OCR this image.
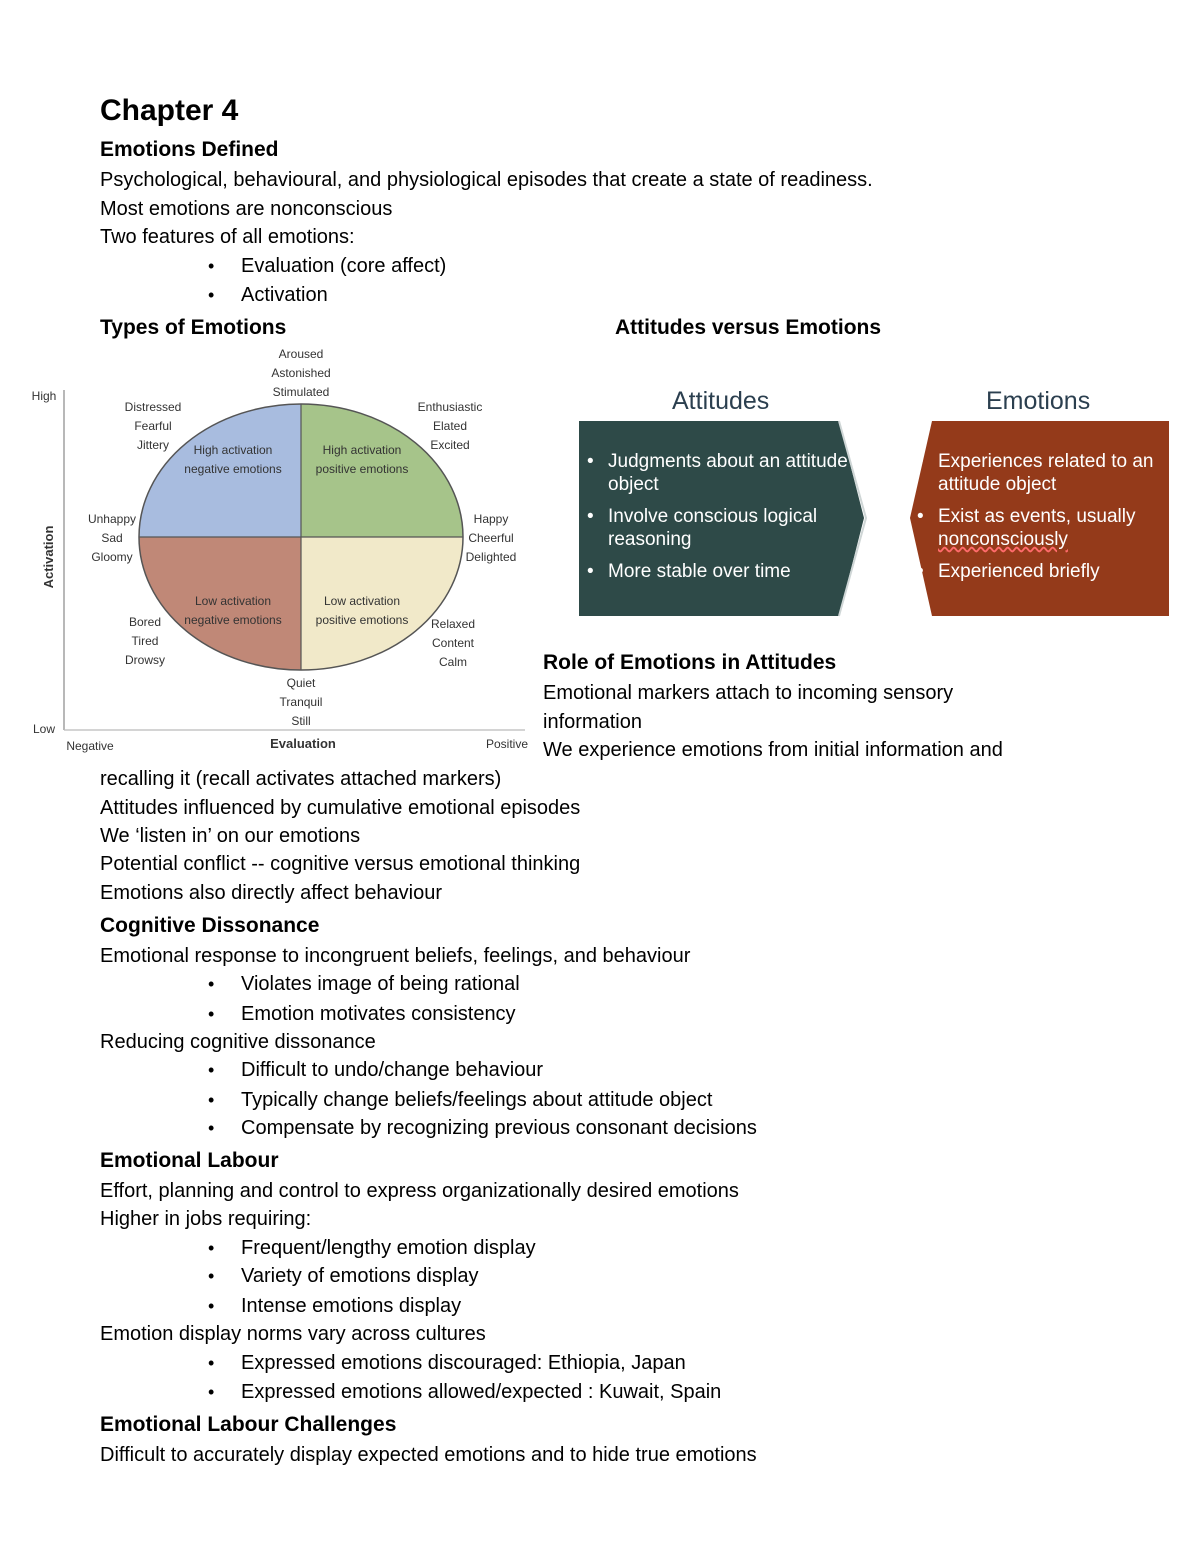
Chapter 4
Emotions Defined
Psychological, behavioural, and physiological episodes that create a state of readiness.
Most emotions are nonconscious
Two features of all emotions:
• Evaluation (core affect)
• Activation
Types of Emotions	Attitudes versus Emotions
High activation
negative emotions
High activation
positive emotions
Low activation
negative emotions
Low activation
positive emotions
Aroused
Astonished
Stimulated
Quiet
Tranquil
Still
Distressed
Fearful
Jittery
Enthusiastic
Elated
Excited
Unhappy
Sad
Gloomy
Happy
Cheerful
Delighted
Bored
Tired
Drowsy
Relaxed
Content
Calm
High
Low
Negative	Positive
Evaluation
Activation
Attitudes	Emotions
• Judgments about an attitude object
• Involve conscious logical reasoning
• More stable over time
• Experiences related to an attitude object
• Exist as events, usually
nonconsciously
• Experienced briefly
Role of Emotions in Attitudes
Emotional markers attach to incoming sensory
information
We experience emotions from initial information and
recalling it (recall activates attached markers)
Attitudes influenced by cumulative emotional episodes
We ‘listen in’ on our emotions
Potential conflict -- cognitive versus emotional thinking
Emotions also directly affect behaviour
Cognitive Dissonance
Emotional response to incongruent beliefs, feelings, and behaviour
• Violates image of being rational
• Emotion motivates consistency
Reducing cognitive dissonance
• Difficult to undo/change behaviour
• Typically change beliefs/feelings about attitude object
• Compensate by recognizing previous consonant decisions
Emotional Labour
Effort, planning and control to express organizationally desired emotions
Higher in jobs requiring:
• Frequent/lengthy emotion display
• Variety of emotions display
• Intense emotions display
Emotion display norms vary across cultures
• Expressed emotions discouraged: Ethiopia, Japan
• Expressed emotions allowed/expected : Kuwait, Spain
Emotional Labour Challenges
Difficult to accurately display expected emotions and to hide true emotions
